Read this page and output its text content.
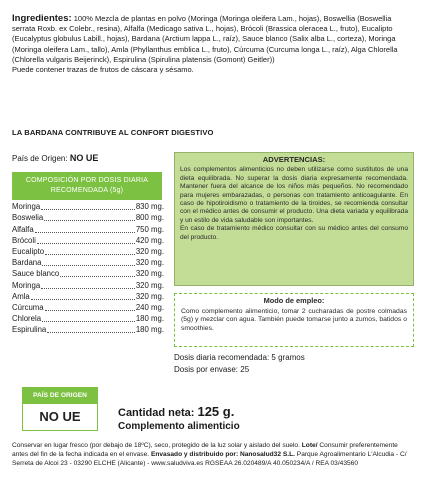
Ingredientes: 100% Mezcla de plantas en polvo (Moringa (Moringa oleifera Lam., hojas), Boswellia (Boswellia serrata Roxb. ex Colebr., resina), Alfalfa (Medicago sativa L., hojas), Brócoli (Brassica oleracea L., fruto), Eucalipto (Eucalyptus globulus Labill., hojas), Bardana (Arctium lappa L., raíz), Sauce blanco (Salix alba L., corteza), Moringa (Moringa oleifera Lam., tallo), Amla (Phyllanthus emblica L., fruto), Cúrcuma (Curcuma longa L., raíz), Alga Chlorella (Chlorella vulgaris Beijerinck), Espirulina (Spirulina platensis (Gomont) Geitler))
Puede contener trazas de frutos de cáscara y sésamo.
LA BARDANA CONTRIBUYE AL CONFORT DIGESTIVO
País de Origen: NO UE
COMPOSICIÓN POR DOSIS DIARIA RECOMENDADA (5g)
Moringa	830 mg.
Boswelia	800 mg.
Alfalfa	750 mg.
Brócoli	420 mg.
Eucalipto	320 mg.
Bardana	320 mg.
Sauce blanco	320 mg.
Moringa	320 mg.
Amla	320 mg.
Cúrcuma	240 mg.
Chlorela	180 mg.
Espirulina	180 mg.
ADVERTENCIAS:
Los complementos alimenticios no deben utilizarse como sustitutos de una dieta equilibrada. No superar la dosis diaria expresamente recomendada. Mantener fuera del alcance de los niños más pequeños. No recomendado para mujeres embarazadas, o personas con tratamiento anticoagulante. En caso de hipotiroidismo o tratamiento de la tiroides, se recomienda consultar con el médico antes de consumir el producto. Una dieta variada y equilibrada y un estilo de vida saludable son importantes.
En caso de tratamiento médico consultar con su médico antes del consumo del producto.
Modo de empleo:
Como complemento alimenticio, tomar 2 cucharadas de postre colmadas (5g) y mezclar con agua. También puede tomarse junto a zumos, batidos o smoothies.
Dosis diaria recomendada: 5 gramos
Dosis por envase: 25
PAÍS DE ORIGEN
NO UE	Cantidad neta: 125 g.
Complemento alimenticio
Conservar en lugar fresco (por debajo de 18ºC), seco, protegido de la luz solar y aislado del suelo. Lote/ Consumir preferentemente antes del fin de la fecha indicada en el envase. Envasado y distribuido por: Nanosalud32 S.L. Parque Agroalimentario L'Alcudia - C/ Serreta de Alcoi 23 - 03290 ELCHE (Alicante) - www.saludviva.es RGSEAA 26.020489/A 40.050234/A / REA 03/43560
